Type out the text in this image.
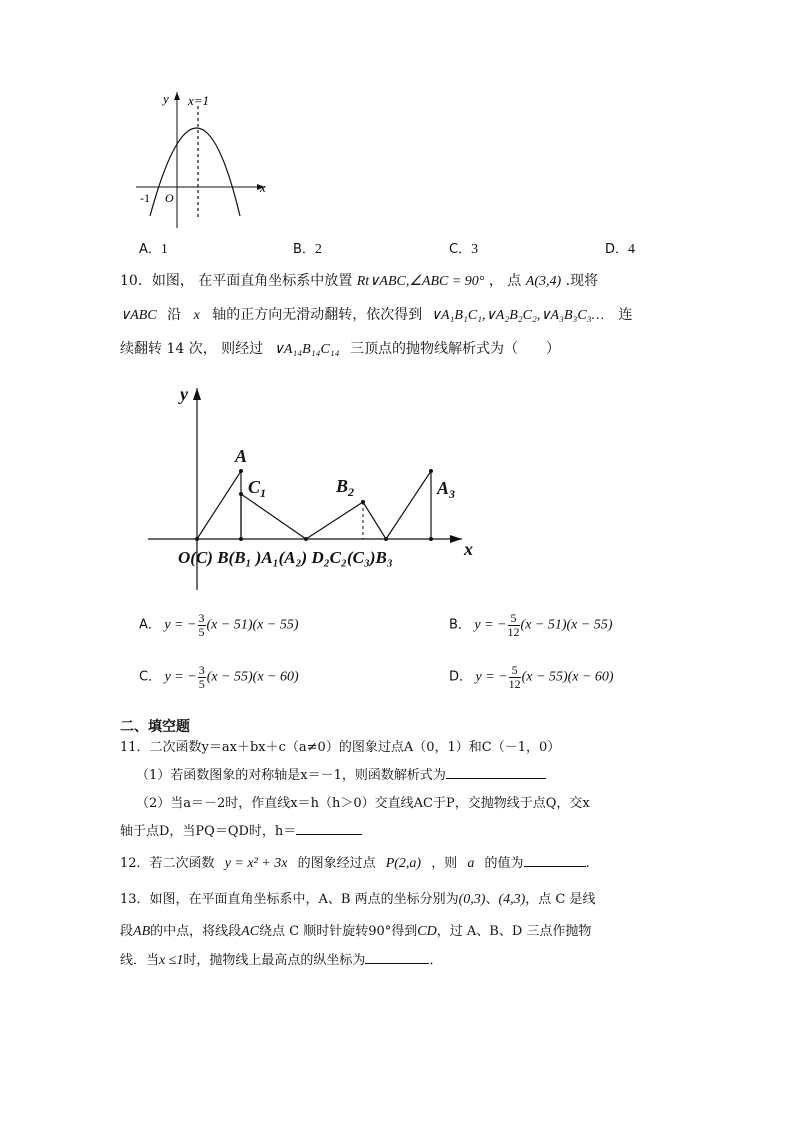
y x=1
x
-1 O
A．1	B．2	C．3	D．4
10．如图， 在平面直角坐标系中放置 Rt∨ABC,∠ABC = 90° ， 点 A(3,4) .现将
∨ABC 沿 x 轴的正方向无滑动翻转，依次得到 ∨A₁B₁C₁,∨A₂B₂C₂,∨A₃B₃C₃… 连
续翻转 14 次， 则经过 ∨A₁₄B₁₄C₁₄ 三顶点的抛物线解析式为（　　）
y
x
A
$C_1$	$B_2$	$A_3$
O(C) B(B₁ )A₁(A₂) D₂C₂(C₃)B₃
A． y = − $\frac{3}{5} (x - 51)(x - 55)$	B． y = − $\frac{5}{12} (x - 51)(x - 55)$
C． y = − $\frac{3}{5} (x - 55)(x - 60)$	D． y = − $\frac{5}{12} (x - 55)(x - 60)$
二、填空题
11．二次函数y＝ax＋bx＋c（a≠0）的图象过点A（0，1）和C（－1，0）
（1）若函数图象的对称轴是x＝－1，则函数解析式为
（2）当a＝－2时，作直线x＝h（h＞0）交直线AC于P，交抛物线于点Q，交x
轴于点D，当PQ＝QD时，h＝
12．若二次函数 y = x² + 3x 的图象经过点 P(2,a) ，则 a 的值为	.
13．如图，在平面直角坐标系中，A、B 两点的坐标分别为(0,3)、(4,3)，点 C 是线
段AB的中点，将线段AC绕点 C 顺时针旋转90°得到CD，过 A、B、D 三点作抛物
线．当x ≤1时，抛物线上最高点的纵坐标为	．
